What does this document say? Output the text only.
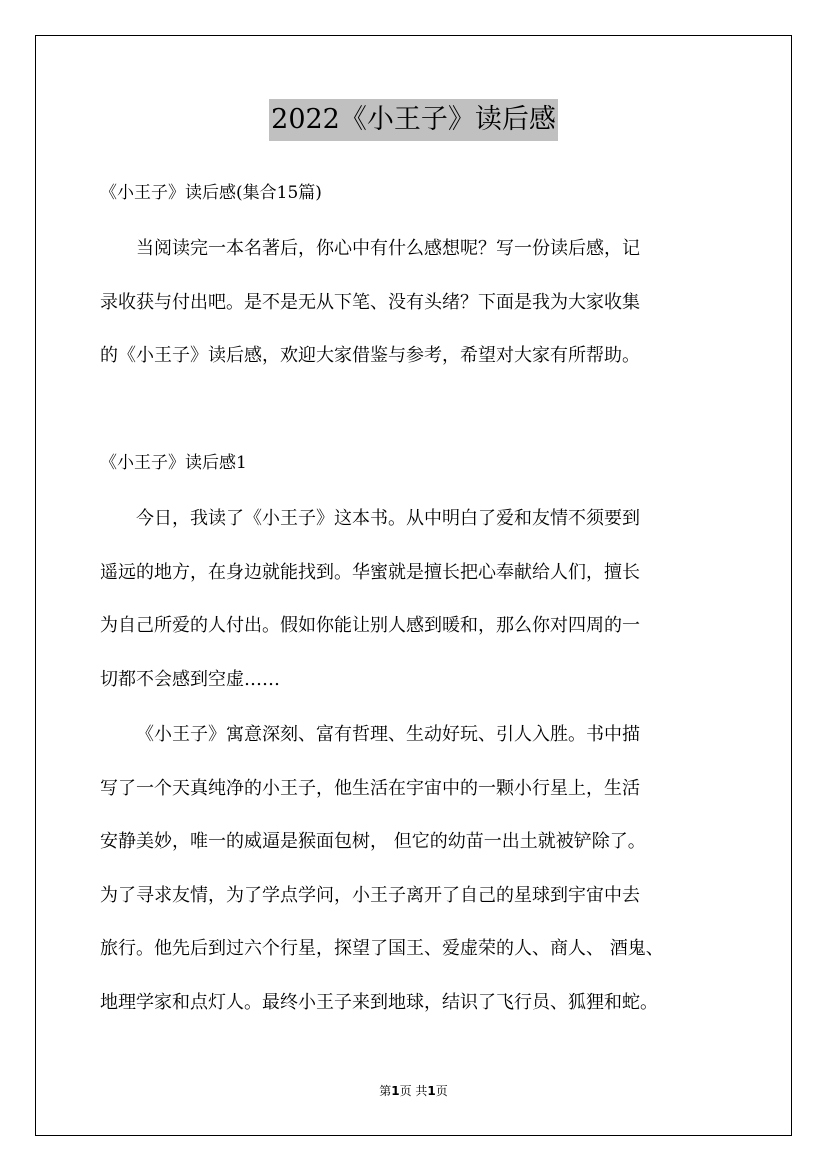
2022《小王子》读后感
《小王子》读后感(集合15篇)
当阅读完一本名著后，你心中有什么感想呢？写一份读后感，记
录收获与付出吧。是不是无从下笔、没有头绪？下面是我为大家收集
的《小王子》读后感，欢迎大家借鉴与参考，希望对大家有所帮助。
《小王子》读后感1
今日，我读了《小王子》这本书。从中明白了爱和友情不须要到
遥远的地方，在身边就能找到。华蜜就是擅长把心奉献给人们，擅长
为自己所爱的人付出。假如你能让别人感到暖和，那么你对四周的一
切都不会感到空虚……
《小王子》寓意深刻、富有哲理、生动好玩、引人入胜。书中描
写了一个天真纯净的小王子，他生活在宇宙中的一颗小行星上，生活
安静美妙，唯一的威逼是猴面包树， 但它的幼苗一出土就被铲除了。
为了寻求友情，为了学点学问，小王子离开了自己的星球到宇宙中去
旅行。他先后到过六个行星，探望了国王、爱虚荣的人、商人、 酒鬼、
地理学家和点灯人。最终小王子来到地球，结识了飞行员、狐狸和蛇。
第1页 共1页
